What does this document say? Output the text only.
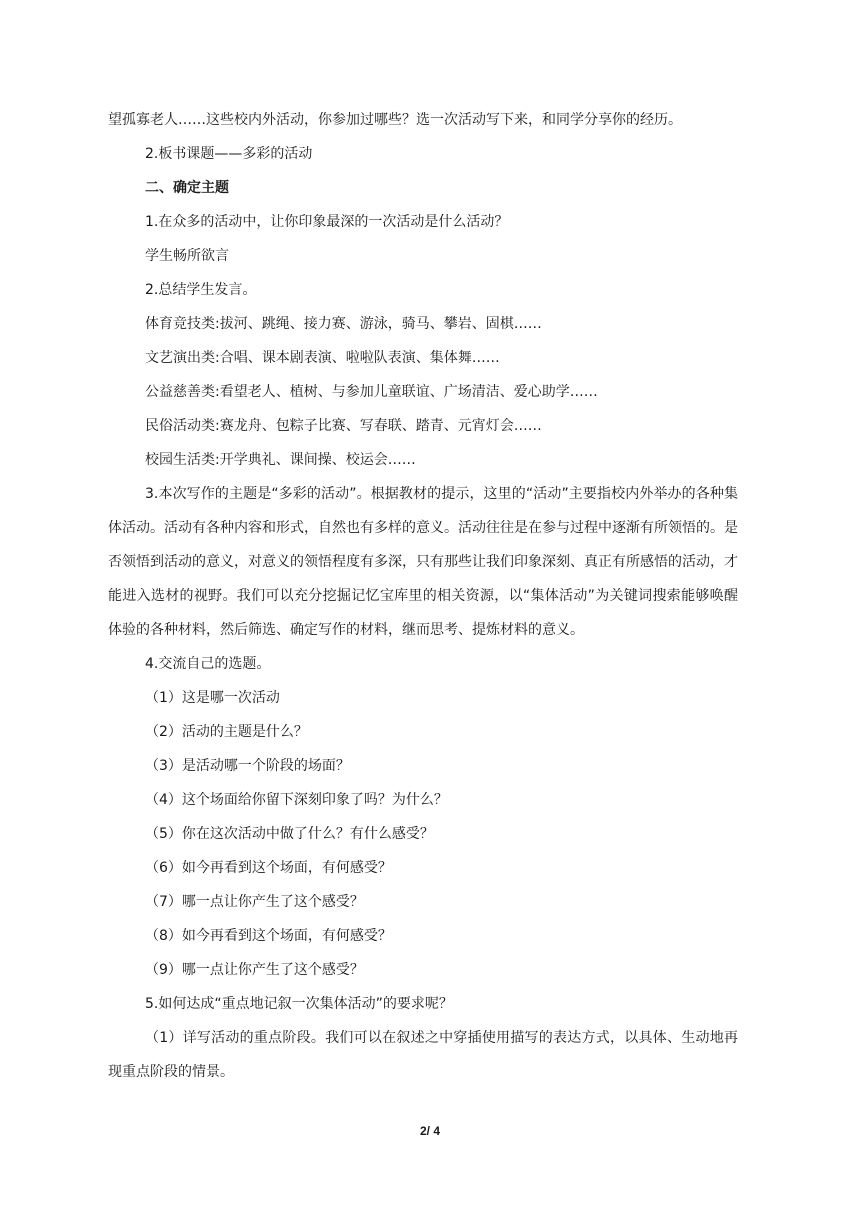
望孤寡老人……这些校内外活动，你参加过哪些？选一次活动写下来，和同学分享你的经历。
2.板书课题——多彩的活动
二、确定主题
1.在众多的活动中，让你印象最深的一次活动是什么活动？
学生畅所欲言
2.总结学生发言。
体育竞技类:拔河、跳绳、接力赛、游泳，骑马、攀岩、固棋……
文艺演出类:合唱、课本剧表演、啦啦队表演、集体舞……
公益慈善类:看望老人、植树、与参加儿童联谊、广场清洁、爱心助学……
民俗活动类:赛龙舟、包粽子比赛、写春联、踏青、元宵灯会……
校园生活类:开学典礼、课间操、校运会……
3.本次写作的主题是“多彩的活动”。根据教材的提示，这里的“活动”主要指校内外举办的各种集体活动。活动有各种内容和形式，自然也有多样的意义。活动往往是在参与过程中逐渐有所领悟的。是否领悟到活动的意义，对意义的领悟程度有多深，只有那些让我们印象深刻、真正有所感悟的活动，才能进入选材的视野。我们可以充分挖掘记忆宝库里的相关资源，以“集体活动”为关键词搜索能够唤醒体验的各种材料，然后筛选、确定写作的材料，继而思考、提炼材料的意义。
4.交流自己的选题。
（1）这是哪一次活动
（2）活动的主题是什么？
（3）是活动哪一个阶段的场面？
（4）这个场面给你留下深刻印象了吗？为什么？
（5）你在这次活动中做了什么？有什么感受？
（6）如今再看到这个场面，有何感受？
（7）哪一点让你产生了这个感受？
（8）如今再看到这个场面，有何感受？
（9）哪一点让你产生了这个感受？
5.如何达成“重点地记叙一次集体活动”的要求呢？
（1）详写活动的重点阶段。我们可以在叙述之中穿插使用描写的表达方式，以具体、生动地再现重点阶段的情景。
2/ 4
